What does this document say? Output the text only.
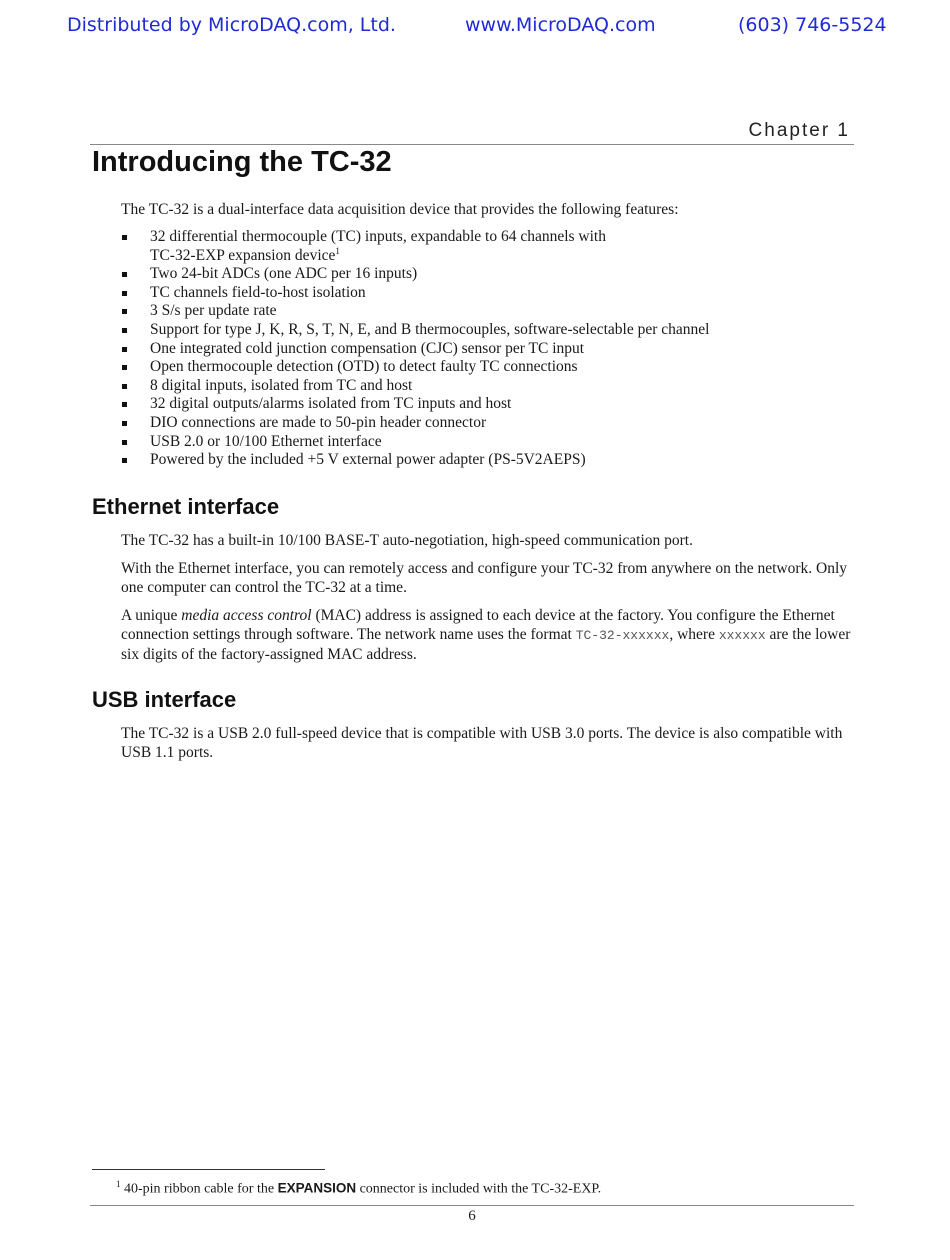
Distributed by MicroDAQ.com, Ltd.	www.MicroDAQ.com	(603) 746-5524
Chapter 1
Introducing the TC-32
The TC-32 is a dual-interface data acquisition device that provides the following features:
32 differential thermocouple (TC) inputs, expandable to 64 channels with
TC-32-EXP expansion device$^1$
Two 24-bit ADCs (one ADC per 16 inputs)
TC channels field-to-host isolation
3 S/s per update rate
Support for type J, K, R, S, T, N, E, and B thermocouples, software-selectable per channel
One integrated cold junction compensation (CJC) sensor per TC input
Open thermocouple detection (OTD) to detect faulty TC connections
8 digital inputs, isolated from TC and host
32 digital outputs/alarms isolated from TC inputs and host
DIO connections are made to 50-pin header connector
USB 2.0 or 10/100 Ethernet interface
Powered by the included +5 V external power adapter (PS-5V2AEPS)
Ethernet interface

The TC-32 has a built-in 10/100 BASE-T auto-negotiation, high-speed communication port.

With the Ethernet interface, you can remotely access and configure your TC-32 from anywhere on the network. Only one computer can control the TC-32 at a time.

A unique media access control (MAC) address is assigned to each device at the factory. You configure the Ethernet connection settings through software. The network name uses the format TC-32-xxxxxx, where xxxxxx are the lower six digits of the factory-assigned MAC address.

USB interface

The TC-32 is a USB 2.0 full-speed device that is compatible with USB 3.0 ports. The device is also compatible with USB 1.1 ports.

$^1$ 40-pin ribbon cable for the EXPANSION connector is included with the TC-32-EXP.
6
